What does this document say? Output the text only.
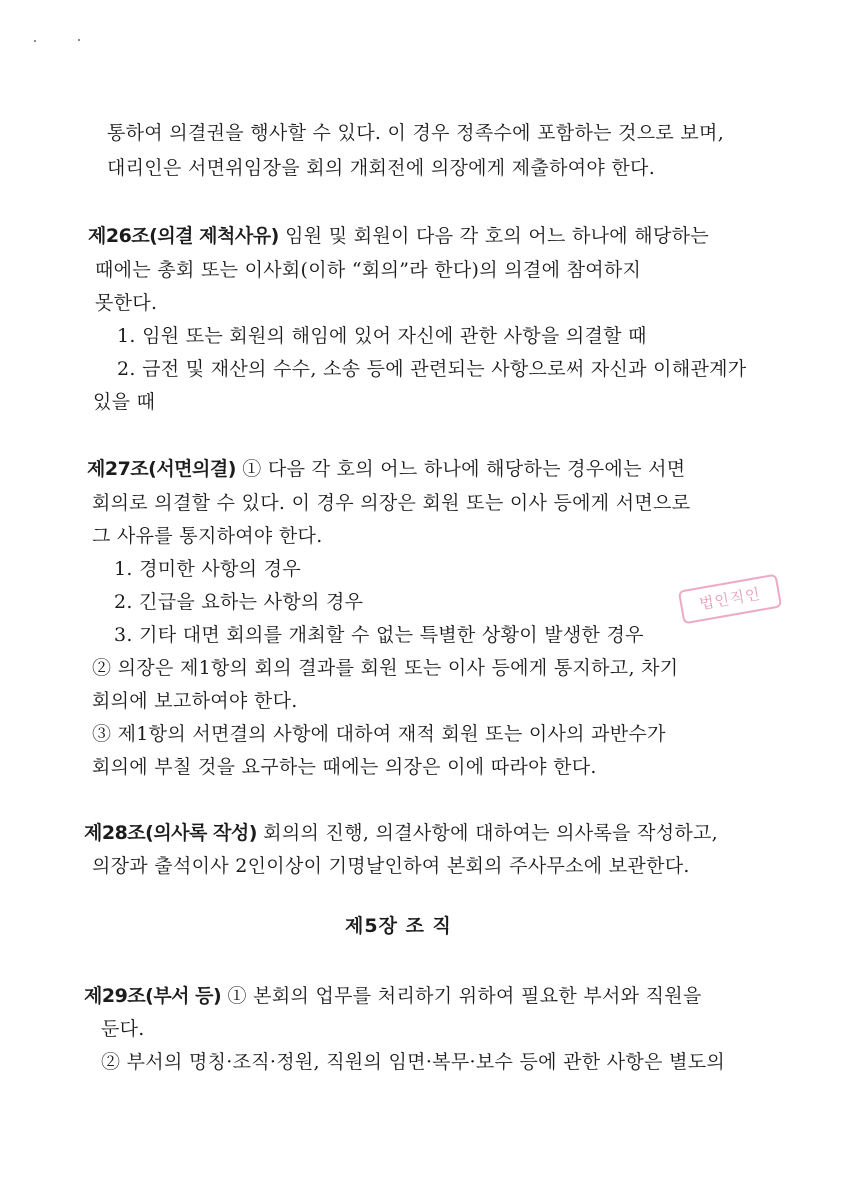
통하여 의결권을 행사할 수 있다. 이 경우 정족수에 포함하는 것으로 보며,
대리인은 서면위임장을 회의 개회전에 의장에게 제출하여야 한다.
제26조(의결 제척사유) 임원 및 회원이 다음 각 호의 어느 하나에 해당하는
때에는 총회 또는 이사회(이하 “회의”라 한다)의 의결에 참여하지
못한다.
1. 임원 또는 회원의 해임에 있어 자신에 관한 사항을 의결할 때
2. 금전 및 재산의 수수, 소송 등에 관련되는 사항으로써 자신과 이해관계가
있을 때
제27조(서면의결) ① 다음 각 호의 어느 하나에 해당하는 경우에는 서면
회의로 의결할 수 있다. 이 경우 의장은 회원 또는 이사 등에게 서면으로
그 사유를 통지하여야 한다.
1. 경미한 사항의 경우
2. 긴급을 요하는 사항의 경우
3. 기타 대면 회의를 개최할 수 없는 특별한 상황이 발생한 경우
② 의장은 제1항의 회의 결과를 회원 또는 이사 등에게 통지하고, 차기
회의에 보고하여야 한다.
③ 제1항의 서면결의 사항에 대하여 재적 회원 또는 이사의 과반수가
회의에 부칠 것을 요구하는 때에는 의장은 이에 따라야 한다.
법인직인
제28조(의사록 작성) 회의의 진행, 의결사항에 대하여는 의사록을 작성하고,
의장과 출석이사 2인이상이 기명날인하여 본회의 주사무소에 보관한다.
제5장 조 직
제29조(부서 등) ① 본회의 업무를 처리하기 위하여 필요한 부서와 직원을
둔다.
② 부서의 명칭·조직·정원, 직원의 임면·복무·보수 등에 관한 사항은 별도의
